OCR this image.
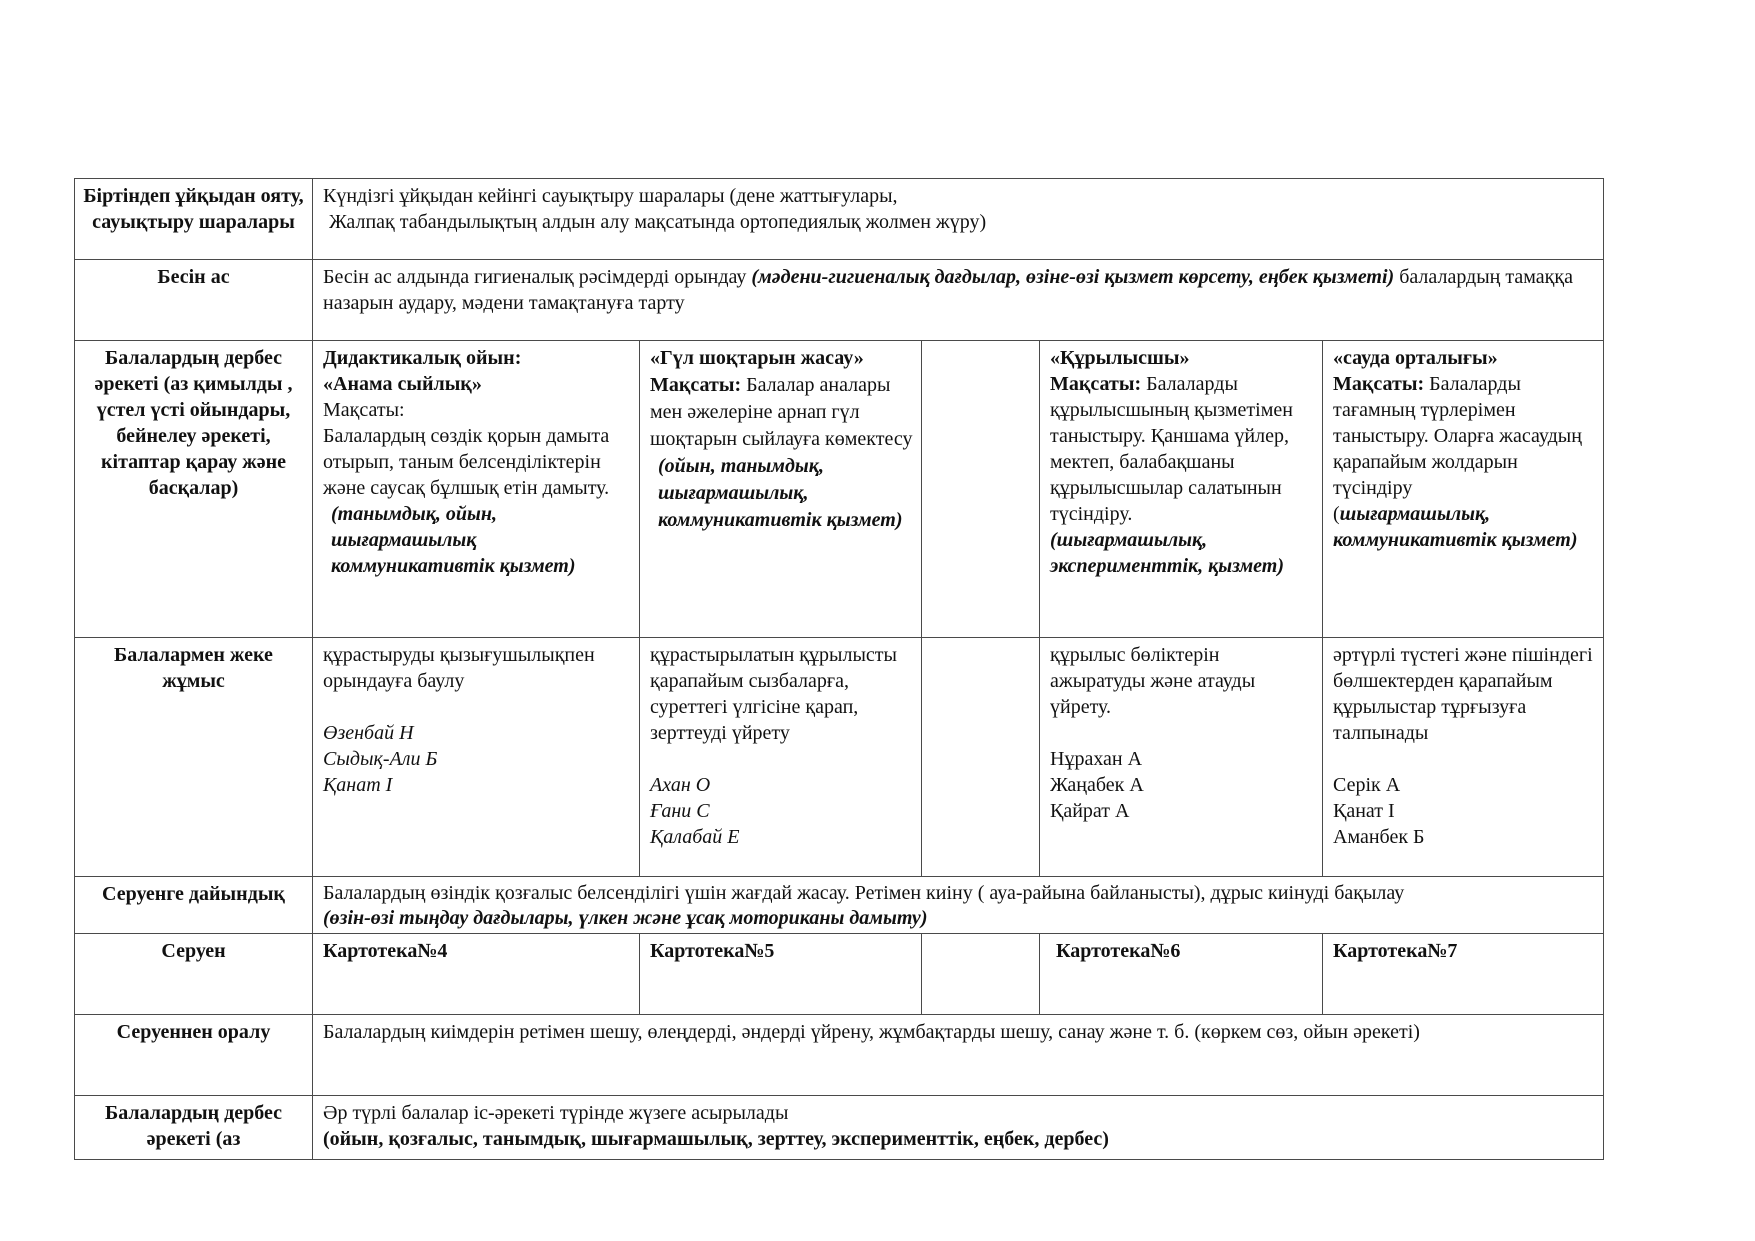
Біртіндеп ұйқыдан ояту, сауықтыру шаралары	Күндізгі ұйқыдан кейінгі сауықтыру шаралары (дене жаттығулары,
Жалпақ табандылықтың алдын алу мақсатында ортопедиялық жолмен жүру)				

Бесін ас	Бесін ас алдында гигиеналық рәсімдерді орындау (мәдени-гигиеналық дағдылар, өзіне-өзі қызмет көрсету, еңбек қызметі) балалардың тамаққа назарын аудару, мәдени тамақтануға тарту				
Балалардың дербес әрекеті (аз қимылды , үстел үсті ойындары, бейнелеу әрекеті, кітаптар қарау және басқалар)	Дидактикалық ойын:
«Анама сыйлық»
Мақсаты:
Балалардың сөздік қорын дамыта отырып, таным белсенділіктерін және саусақ бұлшық етін дамыту.
(танымдық, ойын, шығармашылық коммуникативтік қызмет)	«Гүл шоқтарын жасау»
Мақсаты: Балалар аналары мен әжелеріне арнап гүл шоқтарын сыйлауға көмектесу
(ойын, танымдық, шығармашылық, коммуникативтік қызмет)		«Құрылысшы»
Мақсаты: Балаларды құрылысшының қызметімен таныстыру. Қаншама үйлер, мектеп, балабақшаны құрылысшылар салатынын түсіндіру.
(шығармашылық, эксперименттік, қызмет)	«сауда орталығы»
Мақсаты: Балаларды тағамның түрлерімен таныстыру. Оларға жасаудың қарапайым жолдарын түсіндіру
(шығармашылық, коммуникативтік қызмет)

Балалармен жеке жұмыс	құрастыруды қызығушылықпен орындауға баулу
Өзенбай Н
Сыдық-Али Б
Қанат І	құрастырылатын құрылысты қарапайым сызбаларға, суреттегі үлгісіне қарап, зерттеуді үйрету
Ахан О
Ғани С
Қалабай Е		құрылыс бөліктерін ажыратуды және атауды үйрету.
Нұрахан А
Жаңабек А
Қайрат А	әртүрлі түстегі және пішіндегі бөлшектерден қарапайым құрылыстар тұрғызуға талпынады
Серік А
Қанат І
Аманбек Б

Серуенге дайындық	Балалардың өзіндік қозғалыс белсенділігі үшін жағдай жасау. Ретімен киіну ( ауа-райына байланысты), дұрыс киінуді бақылау
(өзін-өзі тыңдау дағдылары, үлкен және ұсақ моториканы дамыту)				

Серуен	Картотека№4	Картотека№5		Картотека№6	Картотека№7
Серуеннен оралу	Балалардың киімдерін ретімен шешу, өлеңдерді, әндерді үйрену, жұмбақтарды шешу, санау және т. б. (көркем сөз, ойын әрекеті)				
Балалардың дербес әрекеті (аз	Әр түрлі балалар іс-әрекеті түрінде жүзеге асырылады
(ойын, қозғалыс, танымдық, шығармашылық, зерттеу, эксперименттік, еңбек, дербес)				
